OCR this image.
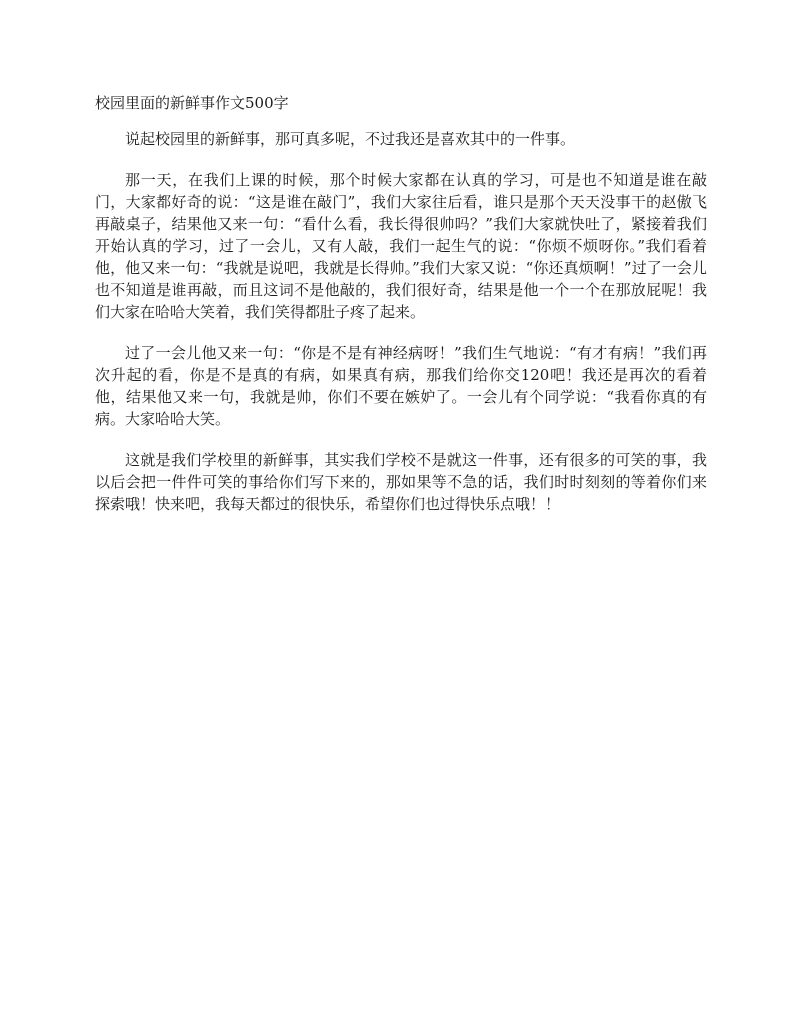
校园里面的新鲜事作文500字

说起校园里的新鲜事，那可真多呢，不过我还是喜欢其中的一件事。

那一天，在我们上课的时候，那个时候大家都在认真的学习，可是也不知道是谁在敲门，大家都好奇的说：“这是谁在敲门”，我们大家往后看，谁只是那个天天没事干的赵傲飞再敲桌子，结果他又来一句：“看什么看，我长得很帅吗？”我们大家就快吐了，紧接着我们开始认真的学习，过了一会儿，又有人敲，我们一起生气的说：“你烦不烦呀你。”我们看着他，他又来一句：“我就是说吧，我就是长得帅。”我们大家又说：“你还真烦啊！”过了一会儿也不知道是谁再敲，而且这词不是他敲的，我们很好奇，结果是他一个一个在那放屁呢！我们大家在哈哈大笑着，我们笑得都肚子疼了起来。

过了一会儿他又来一句：“你是不是有神经病呀！”我们生气地说：“有才有病！”我们再次升起的看，你是不是真的有病，如果真有病，那我们给你交120吧！我还是再次的看着他，结果他又来一句，我就是帅，你们不要在嫉妒了。一会儿有个同学说：“我看你真的有病。大家哈哈大笑。

这就是我们学校里的新鲜事，其实我们学校不是就这一件事，还有很多的可笑的事，我以后会把一件件可笑的事给你们写下来的，那如果等不急的话，我们时时刻刻的等着你们来探索哦！快来吧，我每天都过的很快乐，希望你们也过得快乐点哦！！
